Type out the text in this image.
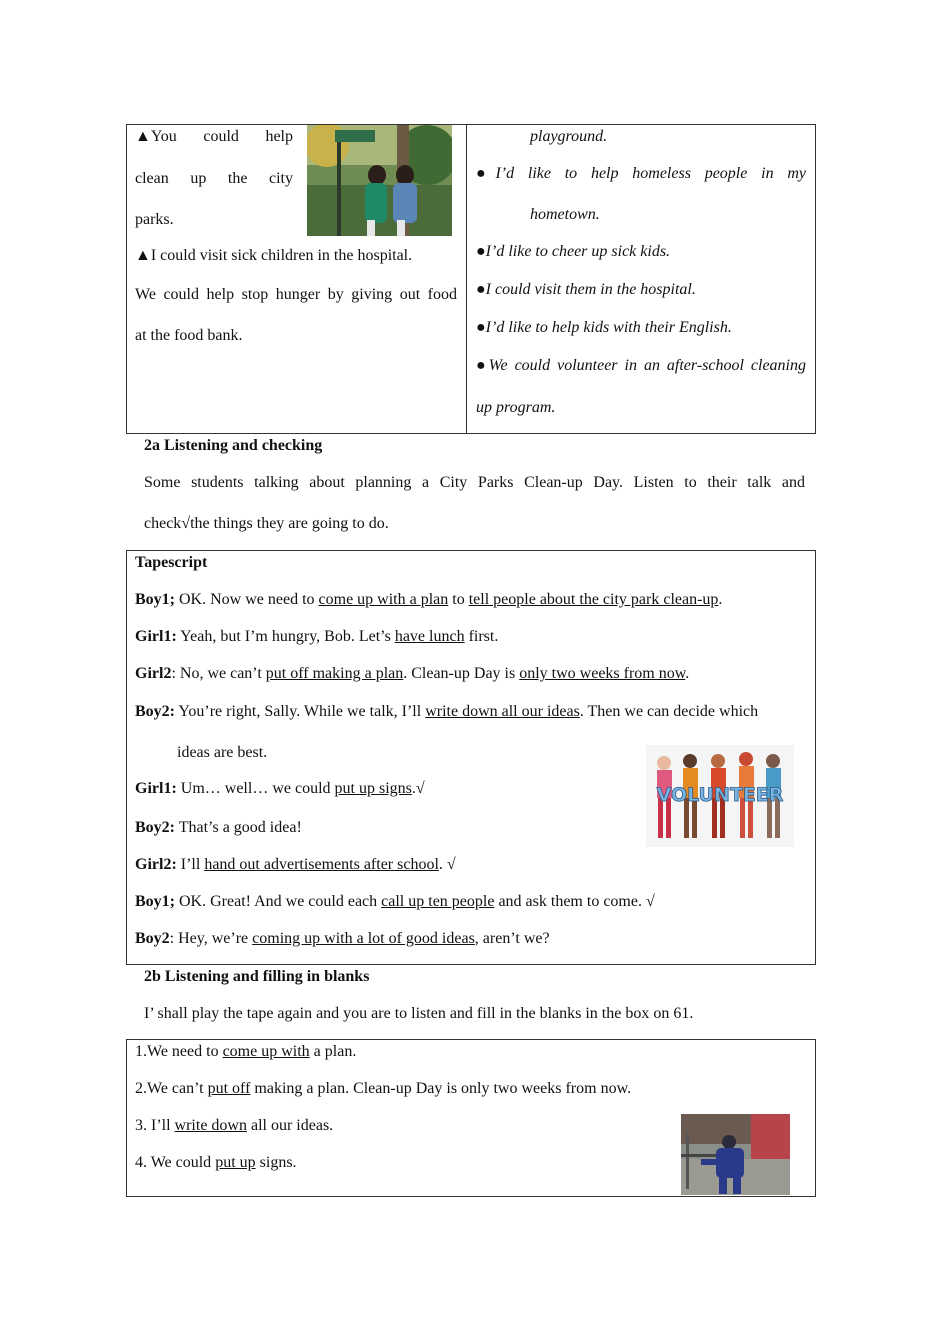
▲You could help
clean up the city
parks.
▲I could visit sick children in the hospital.
We could help stop hunger by giving out food
at the food bank.
playground.
●I’d like to help homeless people in my
hometown.
●I’d like to cheer up sick kids.
●I could visit them in the hospital.
●I’d like to help kids with their English.
●We could volunteer in an after-school cleaning
up program.
2a Listening and checking
Some students talking about planning a City Parks Clean-up Day. Listen to their talk and
check√the things they are going to do.
Tapescript
Boy1; OK. Now we need to come up with a plan to tell people about the city park clean-up.
Girl1: Yeah, but I’m hungry, Bob. Let’s have lunch first.
Girl2: No, we can’t put off making a plan. Clean-up Day is only two weeks from now.
Boy2: You’re right, Sally. While we talk, I’ll write down all our ideas. Then we can decide which
ideas are best.
Girl1: Um… well… we could put up signs.√
Boy2: That’s a good idea!
Girl2: I’ll hand out advertisements after school. √
Boy1; OK. Great! And we could each call up ten people and ask them to come. √
Boy2: Hey, we’re coming up with a lot of good ideas, aren’t we?
VOLUNTEER
2b Listening and filling in blanks
I’ shall play the tape again and you are to listen and fill in the blanks in the box on 61.
1.We need to come up with a plan.
2.We can’t put off making a plan. Clean-up Day is only two weeks from now.
3. I’ll write down all our ideas.
4. We could put up signs.
